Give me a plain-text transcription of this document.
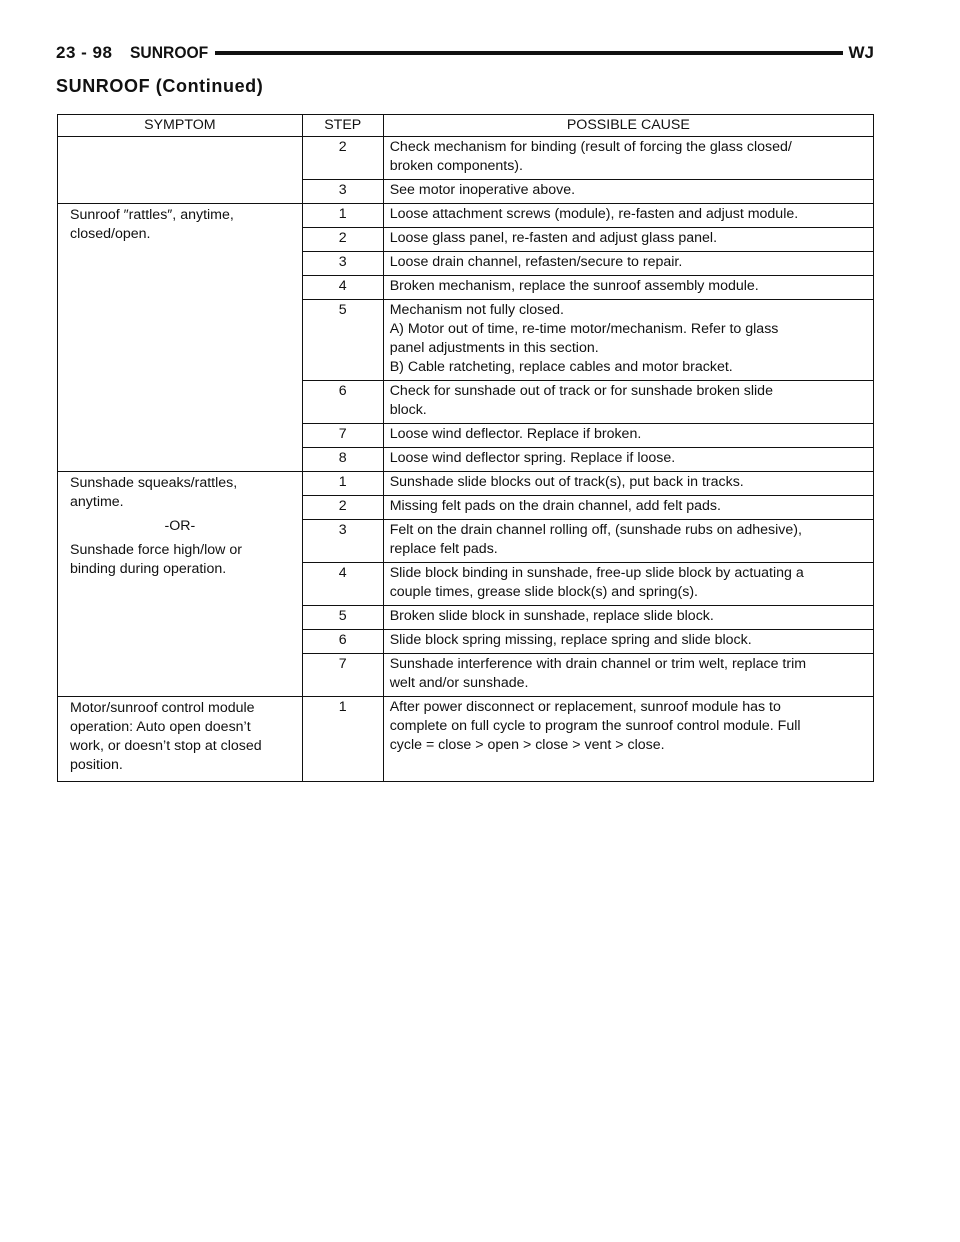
23 - 98 SUNROOF	WJ
SUNROOF (Continued)
SYMPTOM	STEP	POSSIBLE CAUSE
	2	Check mechanism for binding (result of forcing the glass closed/
broken components).

	3	See motor inoperative above.

Sunroof ″rattles″, anytime,
closed/open.	1	Loose attachment screws (module), re-fasten and adjust module.

	2	Loose glass panel, re-fasten and adjust glass panel.

	3	Loose drain channel, refasten/secure to repair.

	4	Broken mechanism, replace the sunroof assembly module.

	5	Mechanism not fully closed.
A) Motor out of time, re-time motor/mechanism. Refer to glass
panel adjustments in this section.
B) Cable ratcheting, replace cables and motor bracket.

	6	Check for sunshade out of track or for sunshade broken slide
block.

	7	Loose wind deflector. Replace if broken.

	8	Loose wind deflector spring. Replace if loose.

Sunshade squeaks/rattles,
anytime.
-OR-
Sunshade force high/low or
binding during operation.	1	Sunshade slide blocks out of track(s), put back in tracks.

	2	Missing felt pads on the drain channel, add felt pads.

	3	Felt on the drain channel rolling off, (sunshade rubs on adhesive),
replace felt pads.

	4	Slide block binding in sunshade, free-up slide block by actuating a
couple times, grease slide block(s) and spring(s).

	5	Broken slide block in sunshade, replace slide block.

	6	Slide block spring missing, replace spring and slide block.

	7	Sunshade interference with drain channel or trim welt, replace trim
welt and/or sunshade.

Motor/sunroof control module
operation: Auto open doesn’t
work, or doesn’t stop at closed
position.	1	After power disconnect or replacement, sunroof module has to
complete on full cycle to program the sunroof control module. Full
cycle = close > open > close > vent > close.
